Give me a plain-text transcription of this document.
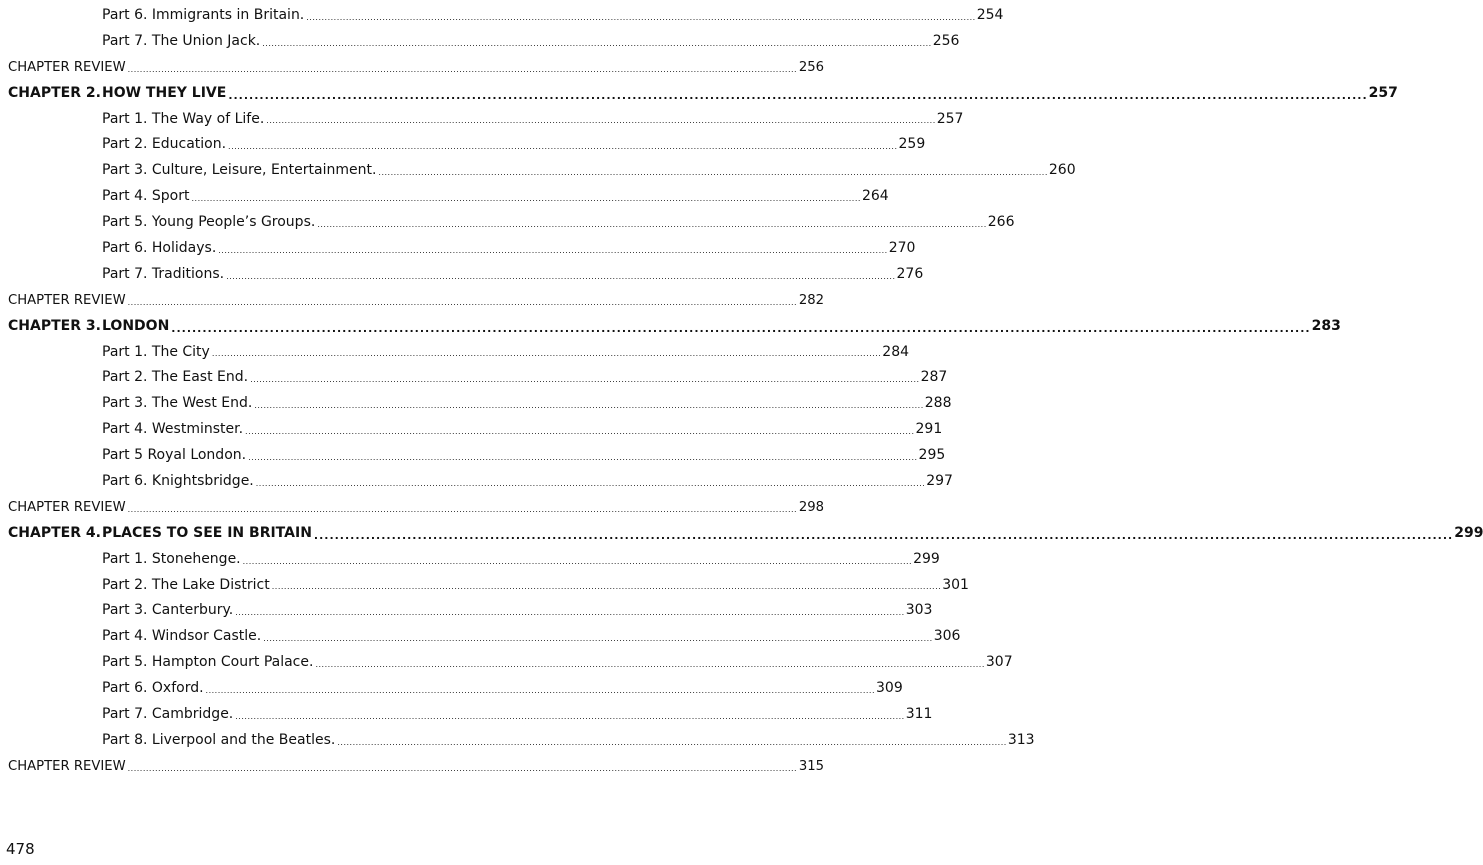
Part 6. Immigrants in Britain. ............................................................................................................................................................................................................................ 254
Part 7. The Union Jack. ............................................................................................................................................................................................................................ 256
CHAPTER REVIEW ............................................................................................................................................................................................................................ 256
CHAPTER 2.HOW THEY LIVE ............................................................................................................................................................................................................................ 257
Part 1. The Way of Life. ............................................................................................................................................................................................................................ 257
Part 2. Education. ............................................................................................................................................................................................................................ 259
Part 3. Culture, Leisure, Entertainment. ............................................................................................................................................................................................................................ 260
Part 4. Sport ............................................................................................................................................................................................................................ 264
Part 5. Young People’s Groups. ............................................................................................................................................................................................................................ 266
Part 6. Holidays. ............................................................................................................................................................................................................................ 270
Part 7. Traditions. ............................................................................................................................................................................................................................ 276
CHAPTER REVIEW ............................................................................................................................................................................................................................ 282
CHAPTER 3.LONDON ............................................................................................................................................................................................................................ 283
Part 1. The City ............................................................................................................................................................................................................................ 284
Part 2. The East End. ............................................................................................................................................................................................................................ 287
Part 3. The West End. ............................................................................................................................................................................................................................ 288
Part 4. Westminster. ............................................................................................................................................................................................................................ 291
Part 5 Royal London. ............................................................................................................................................................................................................................ 295
Part 6. Knightsbridge. ............................................................................................................................................................................................................................ 297
CHAPTER REVIEW ............................................................................................................................................................................................................................ 298
CHAPTER 4.PLACES TO SEE IN BRITAIN ............................................................................................................................................................................................................................ 299
Part 1. Stonehenge. ............................................................................................................................................................................................................................ 299
Part 2. The Lake District ............................................................................................................................................................................................................................ 301
Part 3. Canterbury. ............................................................................................................................................................................................................................ 303
Part 4. Windsor Castle. ............................................................................................................................................................................................................................ 306
Part 5. Hampton Court Palace. ............................................................................................................................................................................................................................ 307
Part 6. Oxford. ............................................................................................................................................................................................................................ 309
Part 7. Cambridge. ............................................................................................................................................................................................................................ 311
Part 8. Liverpool and the Beatles. ............................................................................................................................................................................................................................ 313
CHAPTER REVIEW ............................................................................................................................................................................................................................ 315
478
